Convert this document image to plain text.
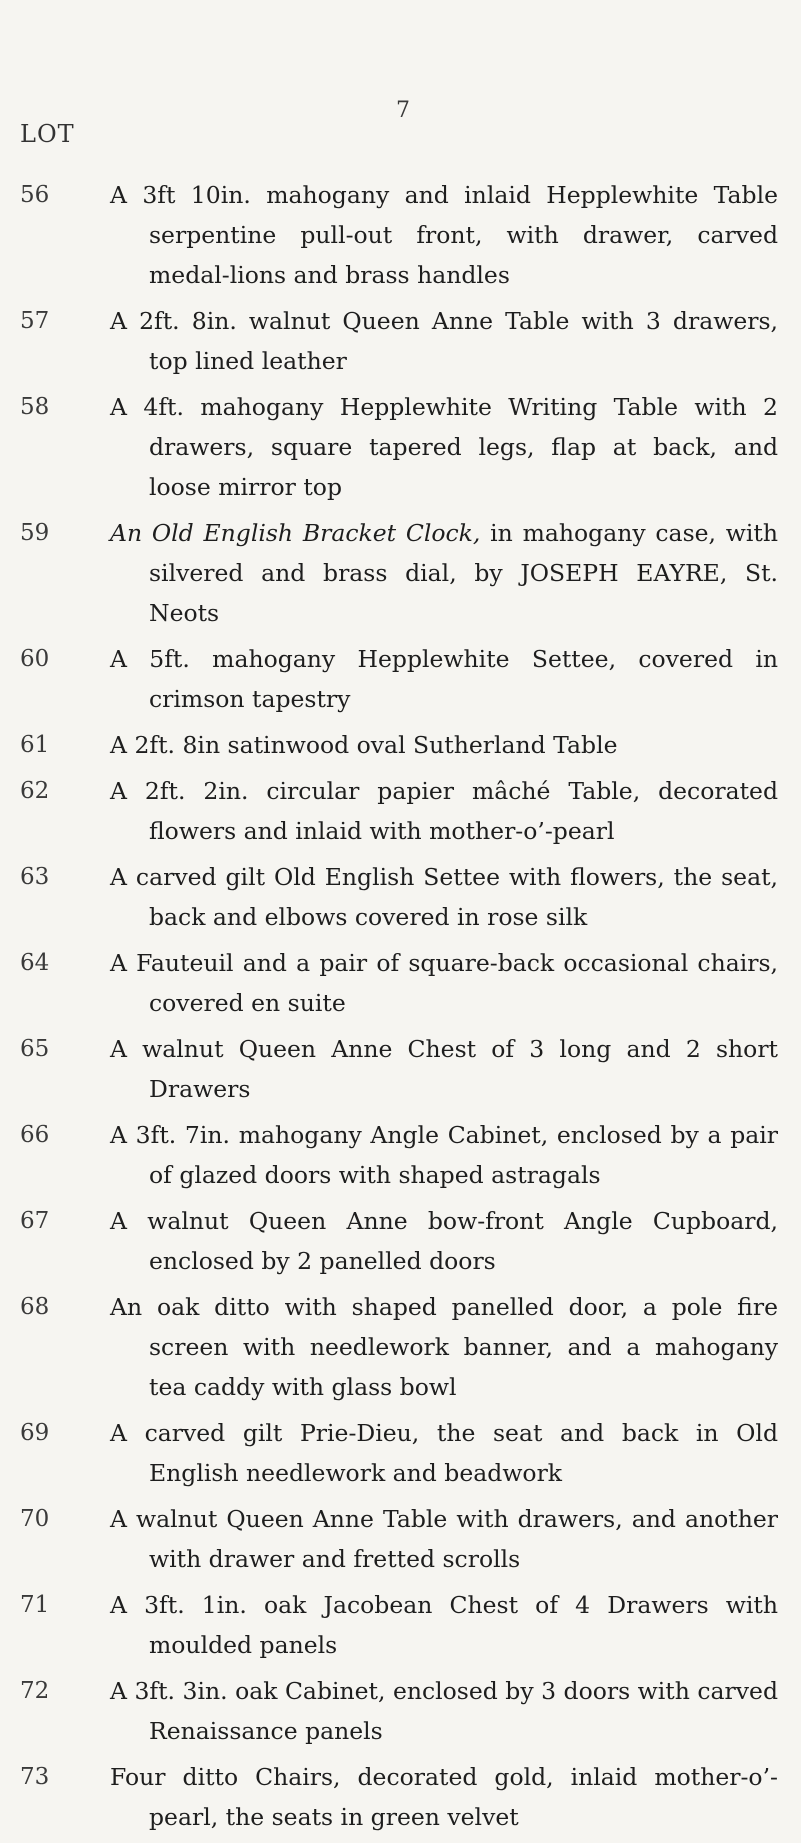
7
LOT
56	A 3ft 10in. mahogany and inlaid Hepplewhite Table serpentine pull-out front, with drawer, carved medal-lions and brass handles
57	A 2ft. 8in. walnut Queen Anne Table with 3 drawers, top lined leather
58	A 4ft. mahogany Hepplewhite Writing Table with 2 drawers, square tapered legs, flap at back, and loose mirror top
59	An Old English Bracket Clock, in mahogany case, with silvered and brass dial, by JOSEPH EAYRE, St. Neots
60	A 5ft. mahogany Hepplewhite Settee, covered in crimson tapestry
61	A 2ft. 8in satinwood oval Sutherland Table
62	A 2ft. 2in. circular papier mâché Table, decorated flowers and inlaid with mother-o’-pearl
63	A carved gilt Old English Settee with flowers, the seat, back and elbows covered in rose silk
64	A Fauteuil and a pair of square-back occasional chairs, covered en suite
65	A walnut Queen Anne Chest of 3 long and 2 short Drawers
66	A 3ft. 7in. mahogany Angle Cabinet, enclosed by a pair of glazed doors with shaped astragals
67	A walnut Queen Anne bow-front Angle Cupboard, enclosed by 2 panelled doors
68	An oak ditto with shaped panelled door, a pole fire screen with needlework banner, and a mahogany tea caddy with glass bowl
69	A carved gilt Prie-Dieu, the seat and back in Old English needlework and beadwork
70	A walnut Queen Anne Table with drawers, and another with drawer and fretted scrolls
71	A 3ft. 1in. oak Jacobean Chest of 4 Drawers with moulded panels
72	A 3ft. 3in. oak Cabinet, enclosed by 3 doors with carved Renaissance panels
73	Four ditto Chairs, decorated gold, inlaid mother-o’-pearl, the seats in green velvet
